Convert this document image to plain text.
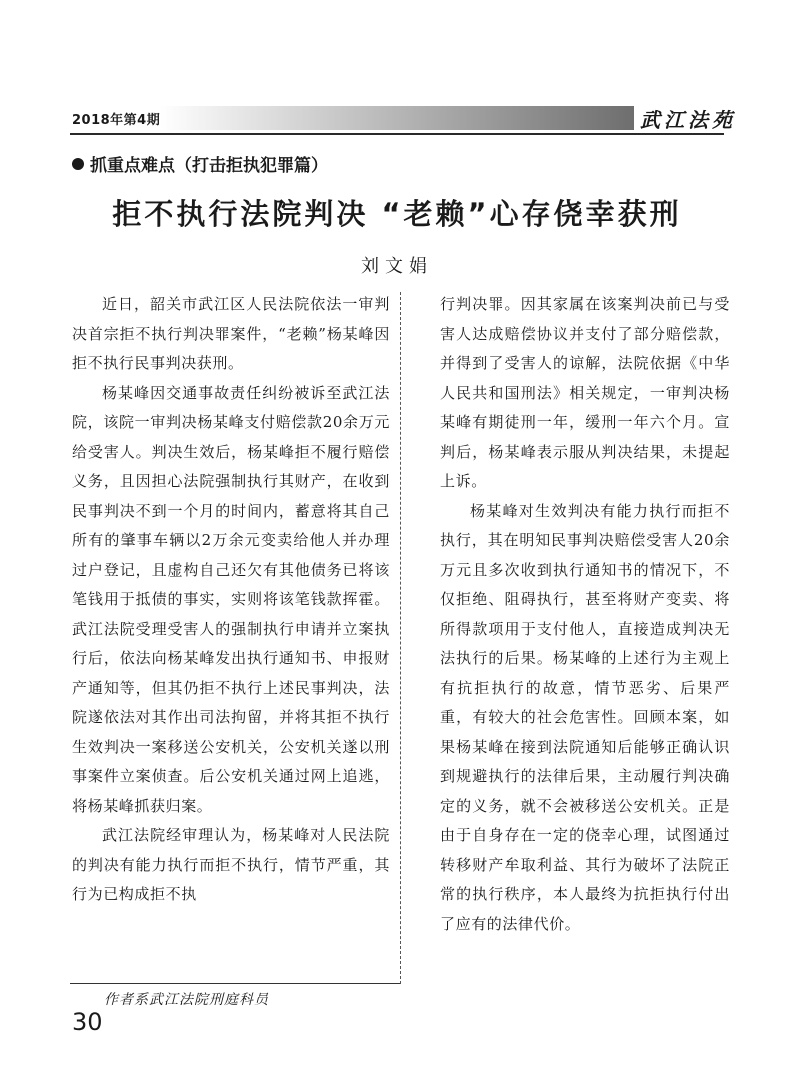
2018年第4期	武江法苑
抓重点难点（打击拒执犯罪篇）
拒不执行法院判决 “老赖”心存侥幸获刑
刘文娟

近日，韶关市武江区人民法院依法一审判决首宗拒不执行判决罪案件，“老赖”杨某峰因拒不执行民事判决获刑。

杨某峰因交通事故责任纠纷被诉至武江法院，该院一审判决杨某峰支付赔偿款20余万元给受害人。判决生效后，杨某峰拒不履行赔偿义务，且因担心法院强制执行其财产，在收到民事判决不到一个月的时间内，蓄意将其自己所有的肇事车辆以2万余元变卖给他人并办理过户登记，且虚构自己还欠有其他债务已将该笔钱用于抵债的事实，实则将该笔钱款挥霍。武江法院受理受害人的强制执行申请并立案执行后，依法向杨某峰发出执行通知书、申报财产通知等，但其仍拒不执行上述民事判决，法院遂依法对其作出司法拘留，并将其拒不执行生效判决一案移送公安机关，公安机关遂以刑事案件立案侦查。后公安机关通过网上追逃，将杨某峰抓获归案。

武江法院经审理认为，杨某峰对人民法院的判决有能力执行而拒不执行，情节严重，其行为已构成拒不执

行判决罪。因其家属在该案判决前已与受害人达成赔偿协议并支付了部分赔偿款，并得到了受害人的谅解，法院依据《中华人民共和国刑法》相关规定，一审判决杨某峰有期徒刑一年，缓刑一年六个月。宣判后，杨某峰表示服从判决结果，未提起上诉。

杨某峰对生效判决有能力执行而拒不执行，其在明知民事判决赔偿受害人20余万元且多次收到执行通知书的情况下，不仅拒绝、阻碍执行，甚至将财产变卖、将所得款项用于支付他人，直接造成判决无法执行的后果。杨某峰的上述行为主观上有抗拒执行的故意，情节恶劣、后果严重，有较大的社会危害性。回顾本案，如果杨某峰在接到法院通知后能够正确认识到规避执行的法律后果，主动履行判决确定的义务，就不会被移送公安机关。正是由于自身存在一定的侥幸心理，试图通过转移财产牟取利益、其行为破坏了法院正常的执行秩序，本人最终为抗拒执行付出了应有的法律代价。

作者系武江法院刑庭科员
30
